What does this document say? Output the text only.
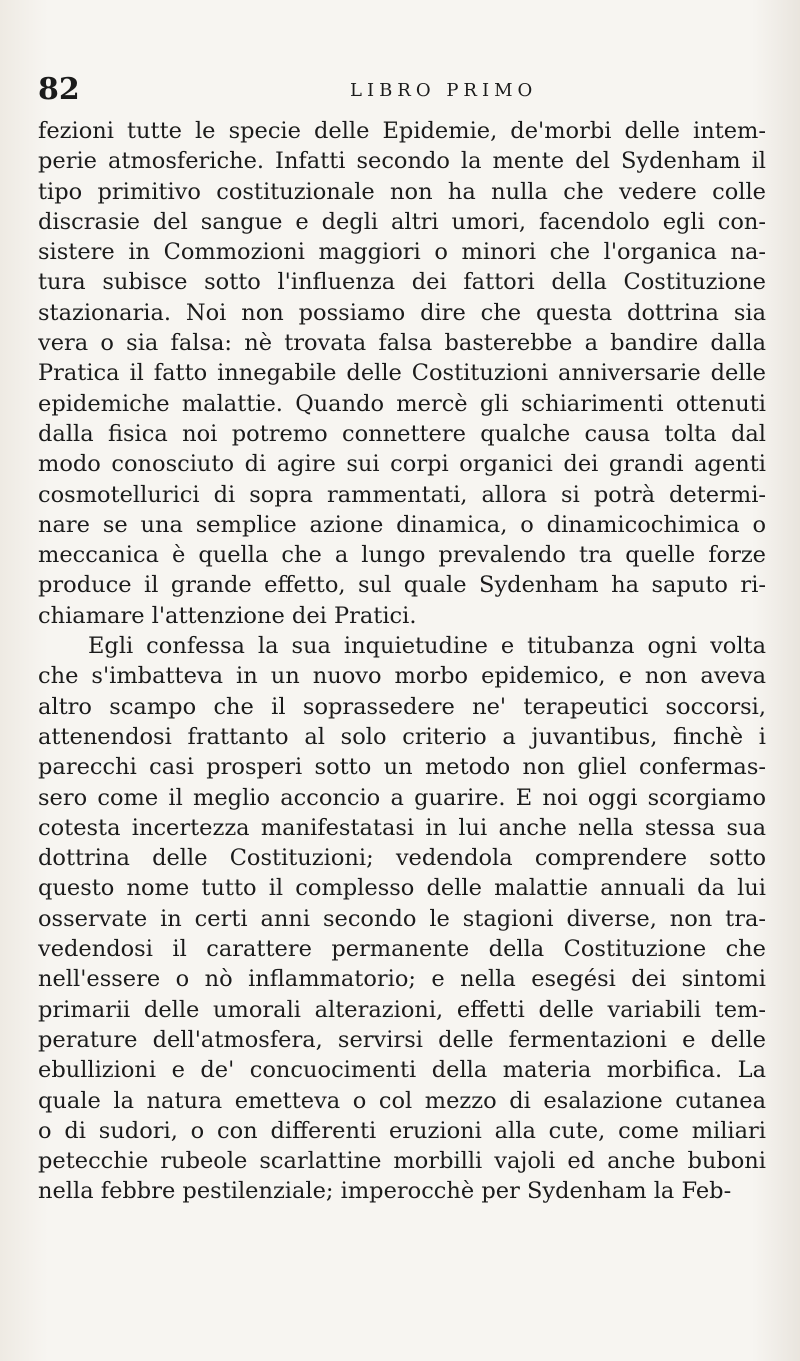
82	LIBRO PRIMO
fezioni tutte le specie delle Epidemie, de'morbi delle intem-
perie atmosferiche. Infatti secondo la mente del Sydenham il
tipo primitivo costituzionale non ha nulla che vedere colle
discrasie del sangue e degli altri umori, facendolo egli con-
sistere in Commozioni maggiori o minori che l'organica na-
tura subisce sotto l'influenza dei fattori della Costituzione
stazionaria. Noi non possiamo dire che questa dottrina sia
vera o sia falsa: nè trovata falsa basterebbe a bandire dalla
Pratica il fatto innegabile delle Costituzioni anniversarie delle
epidemiche malattie. Quando mercè gli schiarimenti ottenuti
dalla fisica noi potremo connettere qualche causa tolta dal
modo conosciuto di agire sui corpi organici dei grandi agenti
cosmotellurici di sopra rammentati, allora si potrà determi-
nare se una semplice azione dinamica, o dinamicochimica o
meccanica è quella che a lungo prevalendo tra quelle forze
produce il grande effetto, sul quale Sydenham ha saputo ri-
chiamare l'attenzione dei Pratici.
Egli confessa la sua inquietudine e titubanza ogni volta
che s'imbatteva in un nuovo morbo epidemico, e non aveva
altro scampo che il soprassedere ne' terapeutici soccorsi,
attenendosi frattanto al solo criterio a juvantibus, finchè i
parecchi casi prosperi sotto un metodo non gliel confermas-
sero come il meglio acconcio a guarire. E noi oggi scorgiamo
cotesta incertezza manifestatasi in lui anche nella stessa sua
dottrina delle Costituzioni; vedendola comprendere sotto
questo nome tutto il complesso delle malattie annuali da lui
osservate in certi anni secondo le stagioni diverse, non tra-
vedendosi il carattere permanente della Costituzione che
nell'essere o nò inflammatorio; e nella esegési dei sintomi
primarii delle umorali alterazioni, effetti delle variabili tem-
perature dell'atmosfera, servirsi delle fermentazioni e delle
ebullizioni e de' concuocimenti della materia morbifica. La
quale la natura emetteva o col mezzo di esalazione cutanea
o di sudori, o con differenti eruzioni alla cute, come miliari
petecchie rubeole scarlattine morbilli vajoli ed anche buboni
nella febbre pestilenziale; imperocchè per Sydenham la Feb-
